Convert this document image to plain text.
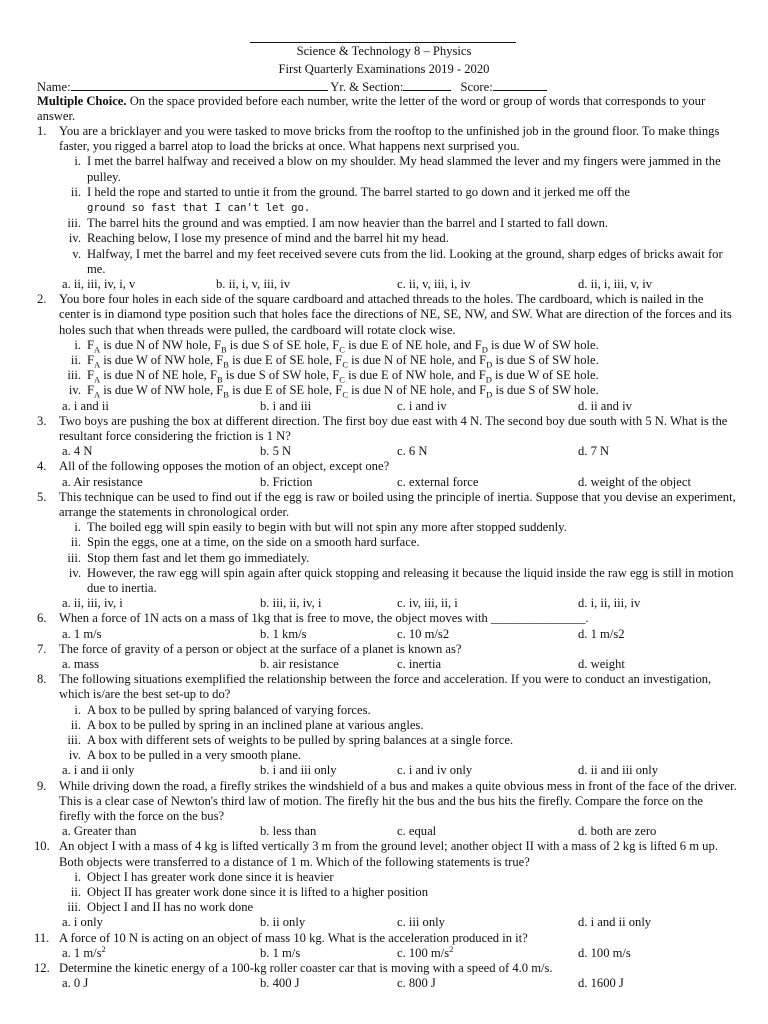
Science & Technology 8 – Physics
First Quarterly Examinations 2019 - 2020
Name:	Yr. & Section:	Score:
Multiple Choice. On the space provided before each number, write the letter of the word or group of words that corresponds to your answer.
1. You are a bricklayer and you were tasked to move bricks from the rooftop to the unfinished job in the ground floor. To make things faster, you rigged a barrel atop to load the bricks at once. What happens next surprised you.
i. I met the barrel halfway and received a blow on my shoulder. My head slammed the lever and my fingers were jammed in the pulley.
ii. I held the rope and started to untie it from the ground. The barrel started to go down and it jerked me off the
ground so fast that I can't let go.
iii. The barrel hits the ground and was emptied. I am now heavier than the barrel and I started to fall down.
iv. Reaching below, I lose my presence of mind and the barrel hit my head.
v. Halfway, I met the barrel and my feet received severe cuts from the lid. Looking at the ground, sharp edges of bricks await for me.
a. ii, iii, iv, i, v	b. ii, i, v, iii, iv	c. ii, v, iii, i, iv	d. ii, i, iii, v, iv
2. You bore four holes in each side of the square cardboard and attached threads to the holes. The cardboard, which is nailed in the center is in diamond type position such that holes face the directions of NE, SE, NW, and SW. What are direction of the forces and its holes such that when threads were pulled, the cardboard will rotate clock wise.
i. $F_A$ is due N of NW hole, $F_B$ is due S of SE hole, $F_C$ is due E of NE hole, and $F_D$ is due W of SW hole.
ii. $F_A$ is due W of NW hole, $F_B$ is due E of SE hole, $F_C$ is due N of NE hole, and $F_D$ is due S of SW hole.
iii. $F_A$ is due N of NE hole, $F_B$ is due S of SW hole, $F_C$ is due E of NW hole, and $F_D$ is due W of SE hole.
iv. $F_A$ is due W of NW hole, $F_B$ is due E of SE hole, $F_C$ is due N of NE hole, and $F_D$ is due S of SW hole.
a. i and ii	b. i and iii	c. i and iv	d. ii and iv
3. Two boys are pushing the box at different direction. The first boy due east with 4 N. The second boy due south with 5 N. What is the resultant force considering the friction is 1 N?
a. 4 N	b. 5 N	c. 6 N	d. 7 N
4. All of the following opposes the motion of an object, except one?
a. Air resistance	b. Friction	c. external force	d. weight of the object
5. This technique can be used to find out if the egg is raw or boiled using the principle of inertia. Suppose that you devise an experiment, arrange the statements in chronological order.
i. The boiled egg will spin easily to begin with but will not spin any more after stopped suddenly.
ii. Spin the eggs, one at a time, on the side on a smooth hard surface.
iii. Stop them fast and let them go immediately.
iv. However, the raw egg will spin again after quick stopping and releasing it because the liquid inside the raw egg is still in motion due to inertia.
a. ii, iii, iv, i	b. iii, ii, iv, i	c. iv, iii, ii, i	d. i, ii, iii, iv
6. When a force of 1N acts on a mass of 1kg that is free to move, the object moves with _______________.
a. 1 m/s	b. 1 km/s	c. 10 m/s2	d. 1 m/s2
7. The force of gravity of a person or object at the surface of a planet is known as?
a. mass	b. air resistance	c. inertia	d. weight
8. The following situations exemplified the relationship between the force and acceleration. If you were to conduct an investigation, which is/are the best set-up to do?
i. A box to be pulled by spring balanced of varying forces.
ii. A box to be pulled by spring in an inclined plane at various angles.
iii. A box with different sets of weights to be pulled by spring balances at a single force.
iv. A box to be pulled in a very smooth plane.
a. i and ii only	b. i and iii only	c. i and iv only	d. ii and iii only
9. While driving down the road, a firefly strikes the windshield of a bus and makes a quite obvious mess in front of the face of the driver. This is a clear case of Newton's third law of motion. The firefly hit the bus and the bus hits the firefly. Compare the force on the firefly with the force on the bus?
a. Greater than	b. less than	c. equal	d. both are zero
10. An object I with a mass of 4 kg is lifted vertically 3 m from the ground level; another object II with a mass of 2 kg is lifted 6 m up. Both objects were transferred to a distance of 1 m. Which of the following statements is true?
i. Object I has greater work done since it is heavier
ii. Object II has greater work done since it is lifted to a higher position
iii. Object I and II has no work done
a. i only	b. ii only	c. iii only	d. i and ii only
11. A force of 10 N is acting on an object of mass 10 kg. What is the acceleration produced in it?
a. 1 $m/s^2$	b. 1 m/s	c. 100 $m/s^2$	d. 100 m/s
12. Determine the kinetic energy of a 100-kg roller coaster car that is moving with a speed of 4.0 m/s.
a. 0 J	b. 400 J	c. 800 J	d. 1600 J
